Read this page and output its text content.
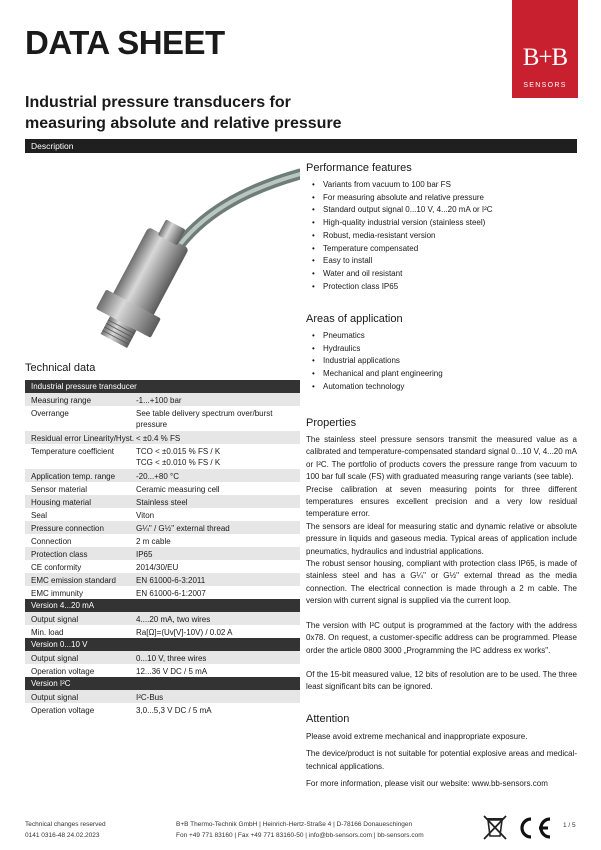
DATA SHEET	B+B
SENSORS
Industrial pressure transducers for
measuring absolute and relative pressure
Description
Performance features
• Variants from vacuum to 100 bar FS
• For measuring absolute and relative pressure
• Standard output signal 0...10 V, 4...20 mA or I²C
• High-quality industrial version (stainless steel)
• Robust, media-resistant version
• Temperature compensated
• Easy to install
• Water and oil resistant
• Protection class IP65
Areas of application
• Pneumatics
• Hydraulics
• Industrial applications
• Mechanical and plant engineering
• Automation technology
Properties
The stainless steel pressure sensors transmit the measured value as a calibrated and temperature-compensated standard signal 0...10 V, 4...20 mA or I²C. The portfolio of products covers the pressure range from vacuum to 100 bar full scale (FS) with graduated measuring range variants (see table).
Precise calibration at seven measuring points for three different temperatures ensures excellent precision and a very low residual temperature error.
The sensors are ideal for measuring static and dynamic relative or absolute pressure in liquids and gaseous media. Typical areas of application include pneumatics, hydraulics and industrial applications.
The robust sensor housing, compliant with protection class IP65, is made of stainless steel and has a G¼" or G½" external thread as the media connection. The electrical connection is made through a 2 m cable. The version with current signal is supplied via the current loop.
The version with I²C output is programmed at the factory with the address 0x78. On request, a customer-specific address can be programmed. Please order the article 0800 3000 „Programming the I²C address ex works".
Of the 15-bit measured value, 12 bits of resolution are to be used. The three least significant bits can be ignored.
Attention
Please avoid extreme mechanical and inappropriate exposure.
The device/product is not suitable for potential explosive areas and medical-technical applications.
For more information, please visit our website: www.bb-sensors.com
Technical data
Industrial pressure transducer
Measuring range	-1...+100 bar
Overrange	See table delivery spectrum over/burst pressure
Residual error Linearity/Hyst. < ±0.4 % FS
Temperature coefficient	TCO < ±0.015 % FS / K
TCG < ±0.010 % FS / K
Application temp. range	-20...+80 °C
Sensor material	Ceramic measuring cell
Housing material	Stainless steel
Seal	Viton
Pressure connection	G¼" / G½" external thread
Connection	2 m cable
Protection class	IP65
CE conformity	2014/30/EU
EMC emission standard	EN 61000-6-3:2011
EMC immunity	EN 61000-6-1:2007
Version 4...20 mA
Output signal	4....20 mA, two wires
Min. load	Ra[Ω]=(Uv[V]-10V) / 0.02 A
Version 0...10 V
Output signal	0...10 V, three wires
Operation voltage	12...36 V DC / 5 mA
Version I²C
Output signal	I²C-Bus
Operation voltage	3,0...5,3 V DC / 5 mA
Technical changes reserved
0141 0316-48 24.02.2023
B+B Thermo-Technik GmbH | Heinrich-Hertz-Straße 4 | D-78166 Donaueschingen
Fon +49 771 83160 | Fax +49 771 83160-50 | info@bb-sensors.com | bb-sensors.com
1 / 5
